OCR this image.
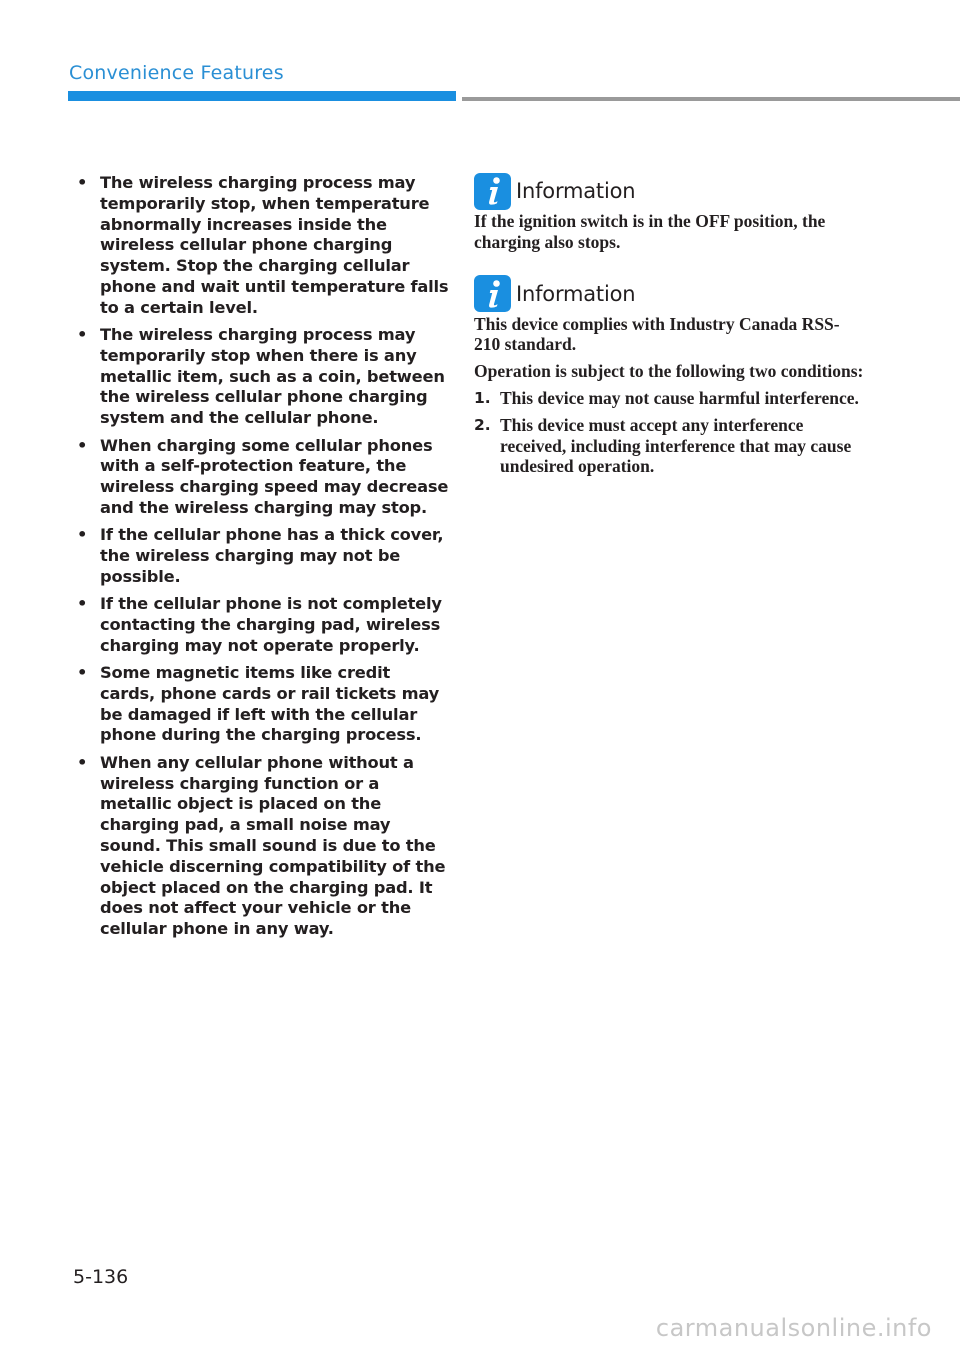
Convenience Features
• The wireless charging process may temporarily stop, when temperature abnormally increases inside the wireless cellular phone charging system. Stop the charging cellular phone and wait until temperature falls to a certain level.
• The wireless charging process may temporarily stop when there is any metallic item, such as a coin, between the wireless cellular phone charging system and the cellular phone.
• When charging some cellular phones with a self-protection feature, the wireless charging speed may decrease and the wireless charging may stop.
• If the cellular phone has a thick cover, the wireless charging may not be possible.
• If the cellular phone is not completely contacting the charging pad, wireless charging may not operate properly.
• Some magnetic items like credit cards, phone cards or rail tickets may be damaged if left with the cellular phone during the charging process.
• When any cellular phone without a wireless charging function or a metallic object is placed on the charging pad, a small noise may sound. This small sound is due to the vehicle discerning compatibility of the object placed on the charging pad. It does not affect your vehicle or the cellular phone in any way.
Information

If the ignition switch is in the OFF position, the charging also stops.

Information

This device complies with Industry Canada RSS-210 standard.

Operation is subject to the following two conditions:

1. This device may not cause harmful interference.
2. This device must accept any interference received, including interference that may cause undesired operation.
5-136
carmanualsonline.info
